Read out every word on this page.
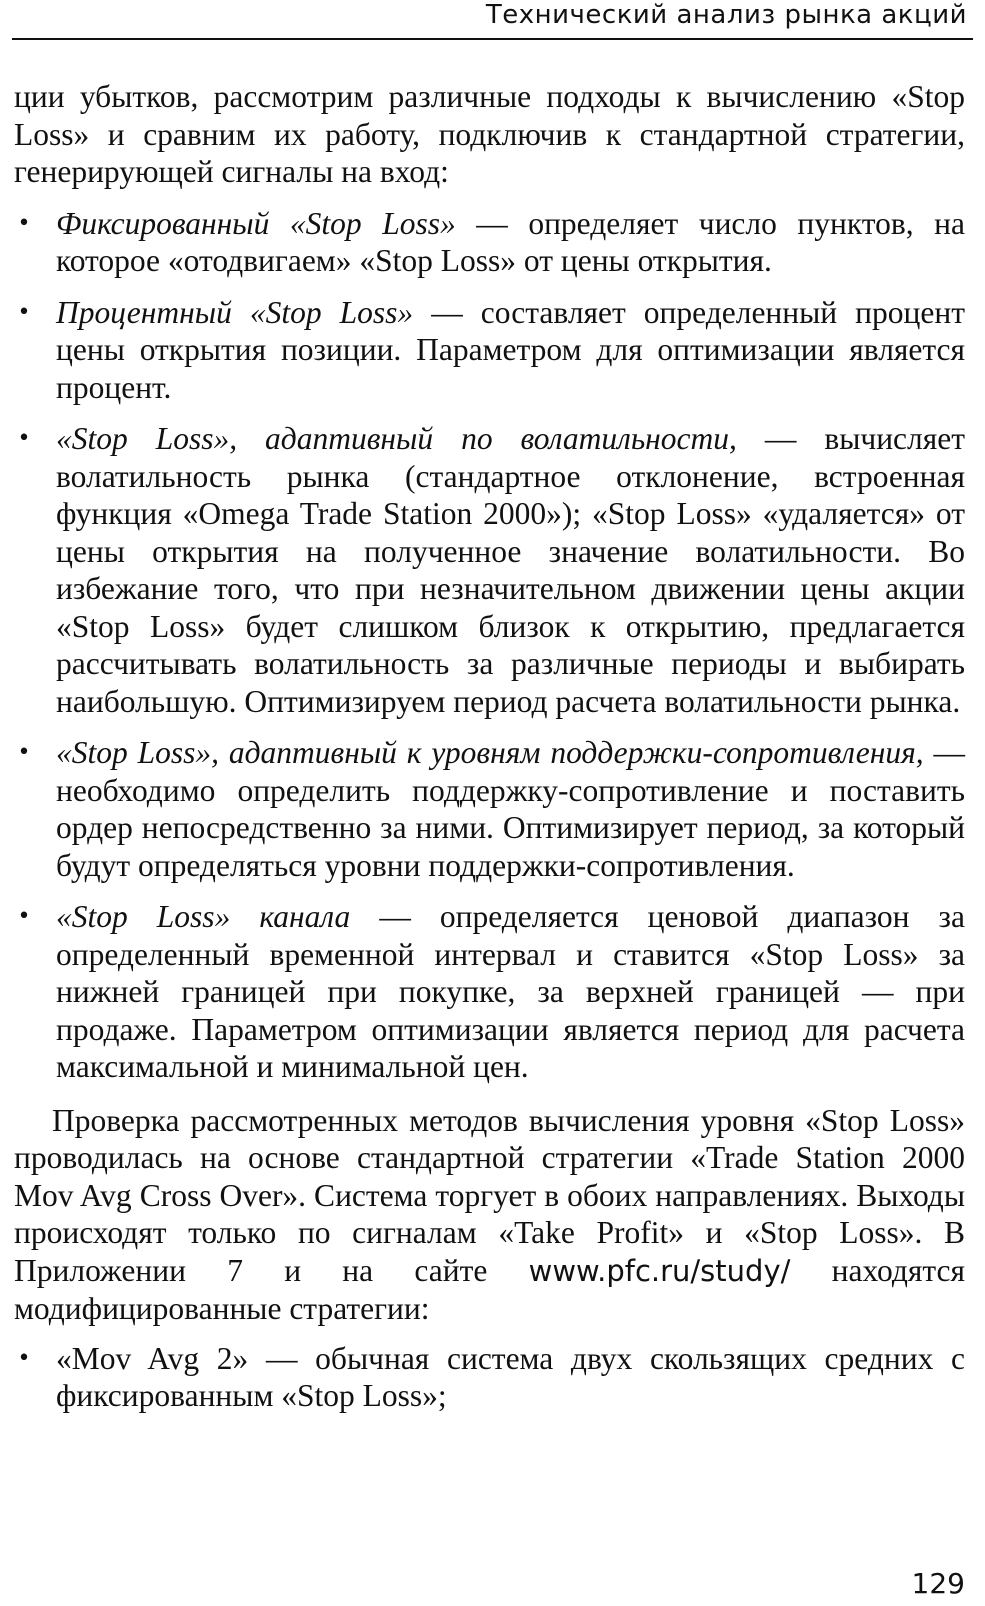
Технический анализ рынка акций

ции убытков, рассмотрим различные подходы к вычислению «Stop Loss» и сравним их работу, подключив к стандартной стратегии, генерирующей сигналы на вход:

• Фиксированный «Stop Loss» — определяет число пунктов, на которое «отодвигаем» «Stop Loss» от цены открытия.
• Процентный «Stop Loss» — составляет определенный процент цены открытия позиции. Параметром для оптимизации является процент.
• «Stop Loss», адаптивный по волатильности, — вычисляет волатильность рынка (стандартное отклонение, встроенная функция «Omega Trade Station 2000»); «Stop Loss» «удаляется» от цены открытия на полученное значение волатильности. Во избежание того, что при незначительном движении цены акции «Stop Loss» будет слишком близок к открытию, предлагается рассчитывать волатильность за различные периоды и выбирать наибольшую. Оптимизируем период расчета волатильности рынка.
• «Stop Loss», адаптивный к уровням поддержки-сопротивления, — необходимо определить поддержку-сопротивление и поставить ордер непосредственно за ними. Оптимизирует период, за который будут определяться уровни поддержки-сопротивления.
• «Stop Loss» канала — определяется ценовой диапазон за определенный временной интервал и ставится «Stop Loss» за нижней границей при покупке, за верхней границей — при продаже. Параметром оптимизации является период для расчета максимальной и минимальной цен.

Проверка рассмотренных методов вычисления уровня «Stop Loss» проводилась на основе стандартной стратегии «Trade Station 2000 Mov Avg Cross Over». Система торгует в обоих направлениях. Выходы происходят только по сигналам «Take Profit» и «Stop Loss». В Приложении 7 и на сайте www.pfc.ru/study/ находятся модифицированные стратегии:

• «Mov Avg 2» — обычная система двух скользящих средних с фиксированным «Stop Loss»;
129
